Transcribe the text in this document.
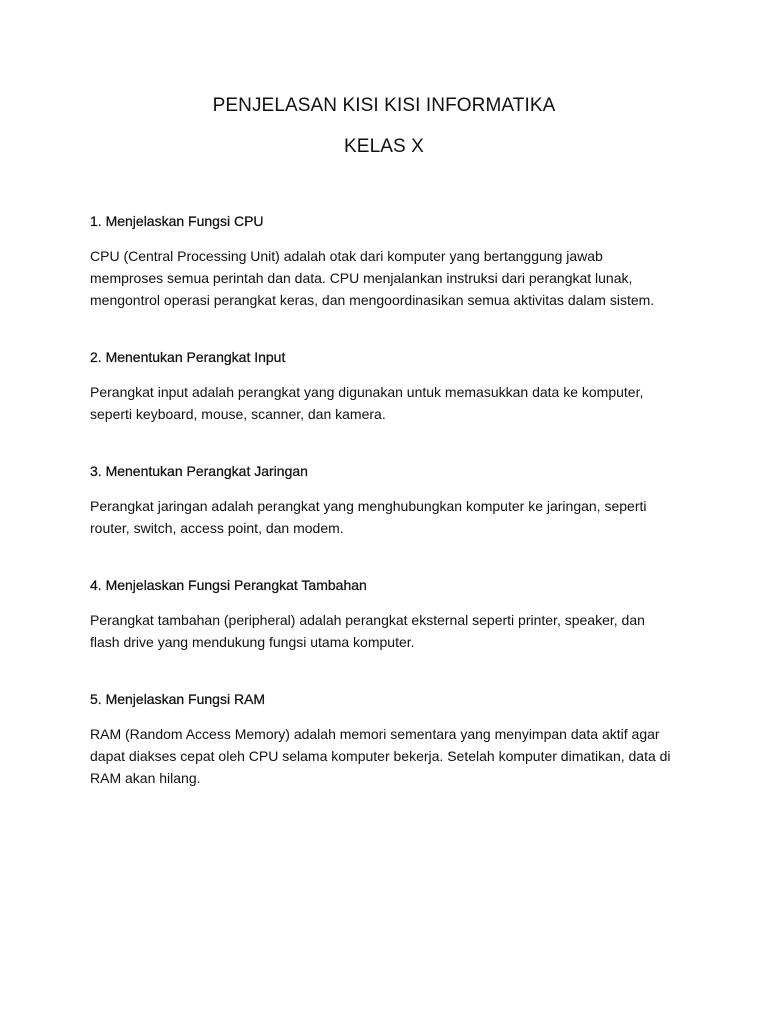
PENJELASAN KISI KISI INFORMATIKA
KELAS X
1. Menjelaskan Fungsi CPU

CPU (Central Processing Unit) adalah otak dari komputer yang bertanggung jawab memproses semua perintah dan data. CPU menjalankan instruksi dari perangkat lunak, mengontrol operasi perangkat keras, dan mengoordinasikan semua aktivitas dalam sistem.

2. Menentukan Perangkat Input

Perangkat input adalah perangkat yang digunakan untuk memasukkan data ke komputer, seperti keyboard, mouse, scanner, dan kamera.

3. Menentukan Perangkat Jaringan

Perangkat jaringan adalah perangkat yang menghubungkan komputer ke jaringan, seperti router, switch, access point, dan modem.

4. Menjelaskan Fungsi Perangkat Tambahan

Perangkat tambahan (peripheral) adalah perangkat eksternal seperti printer, speaker, dan flash drive yang mendukung fungsi utama komputer.

5. Menjelaskan Fungsi RAM

RAM (Random Access Memory) adalah memori sementara yang menyimpan data aktif agar dapat diakses cepat oleh CPU selama komputer bekerja. Setelah komputer dimatikan, data di RAM akan hilang.
